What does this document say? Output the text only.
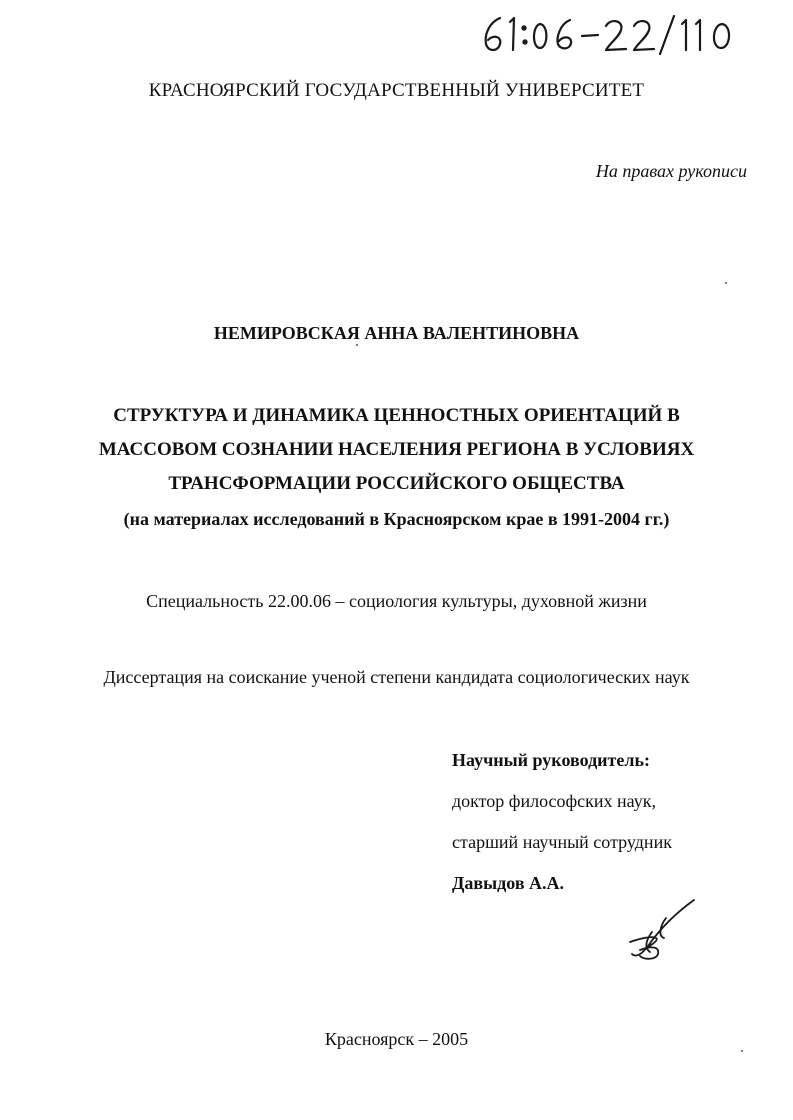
КРАСНОЯРСКИЙ ГОСУДАРСТВЕННЫЙ УНИВЕРСИТЕТ
На правах рукописи
НЕМИРОВСКАЯ АННА ВАЛЕНТИНОВНА
СТРУКТУРА И ДИНАМИКА ЦЕННОСТНЫХ ОРИЕНТАЦИЙ В
МАССОВОМ СОЗНАНИИ НАСЕЛЕНИЯ РЕГИОНА В УСЛОВИЯХ
ТРАНСФОРМАЦИИ РОССИЙСКОГО ОБЩЕСТВА
(на материалах исследований в Красноярском крае в 1991-2004 гг.)
Специальность 22.00.06 – социология культуры, духовной жизни
Диссертация на соискание ученой степени кандидата социологических наук
Научный руководитель:
доктор философских наук,
старший научный сотрудник
Давыдов А.А.
Красноярск – 2005
